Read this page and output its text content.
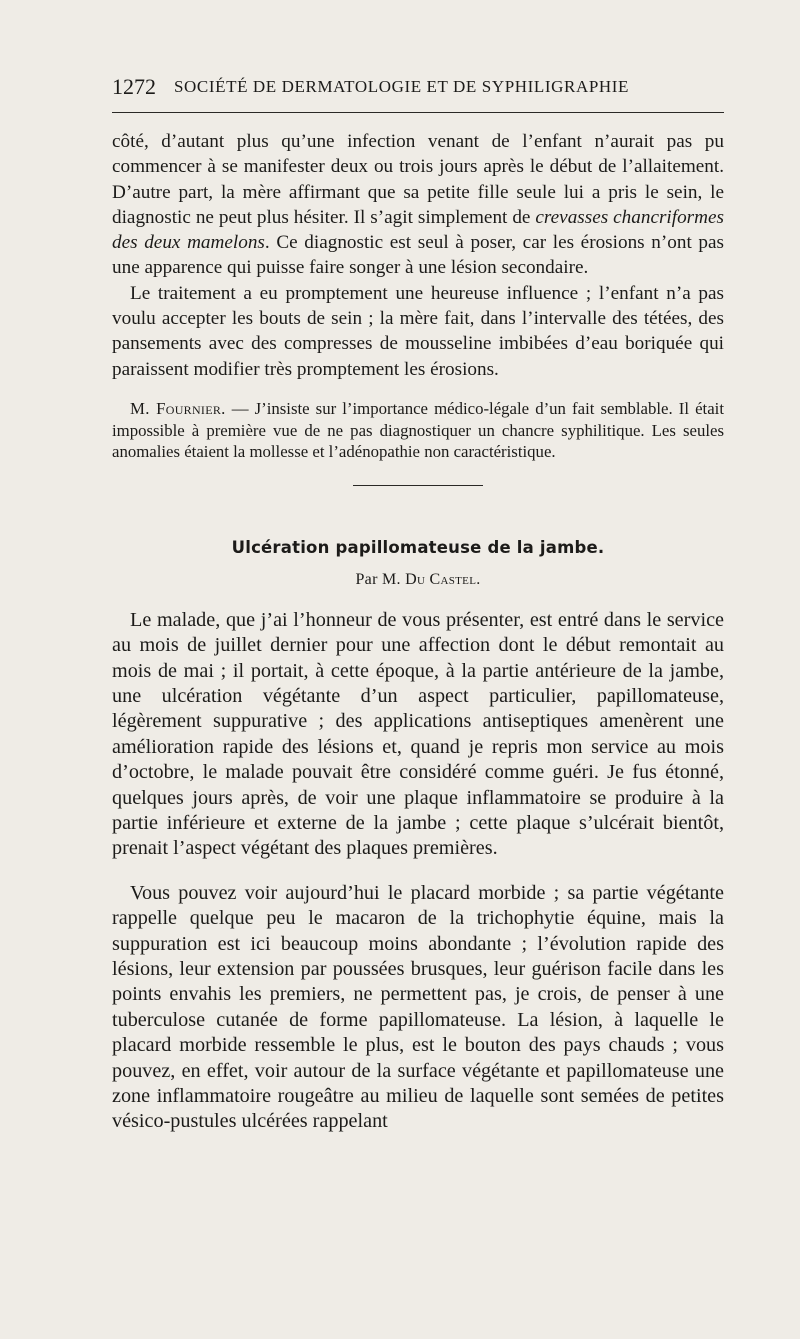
1272 SOCIÉTÉ DE DERMATOLOGIE ET DE SYPHILIGRAPHIE

côté, d’autant plus qu’une infection venant de l’enfant n’aurait pas pu commencer à se manifester deux ou trois jours après le début de l’allaitement. D’autre part, la mère affirmant que sa petite fille seule lui a pris le sein, le diagnostic ne peut plus hésiter. Il s’agit simplement de crevasses chancriformes des deux mamelons. Ce diagnostic est seul à poser, car les érosions n’ont pas une apparence qui puisse faire songer à une lésion secondaire.

Le traitement a eu promptement une heureuse influence ; l’enfant n’a pas voulu accepter les bouts de sein ; la mère fait, dans l’intervalle des tétées, des pansements avec des compresses de mousseline imbibées d’eau boriquée qui paraissent modifier très promptement les érosions.

M. Fournier. — J’insiste sur l’importance médico-légale d’un fait semblable. Il était impossible à première vue de ne pas diagnostiquer un chancre syphilitique. Les seules anomalies étaient la mollesse et l’adénopathie non caractéristique.

Ulcération papillomateuse de la jambe.
Par M. Du Castel.

Le malade, que j’ai l’honneur de vous présenter, est entré dans le service au mois de juillet dernier pour une affection dont le début remontait au mois de mai ; il portait, à cette époque, à la partie antérieure de la jambe, une ulcération végétante d’un aspect particulier, papillomateuse, légèrement suppurative ; des applications antiseptiques amenèrent une amélioration rapide des lésions et, quand je repris mon service au mois d’octobre, le malade pouvait être considéré comme guéri. Je fus étonné, quelques jours après, de voir une plaque inflammatoire se produire à la partie inférieure et externe de la jambe ; cette plaque s’ulcérait bientôt, prenait l’aspect végétant des plaques premières.

Vous pouvez voir aujourd’hui le placard morbide ; sa partie végétante rappelle quelque peu le macaron de la trichophytie équine, mais la suppuration est ici beaucoup moins abondante ; l’évolution rapide des lésions, leur extension par poussées brusques, leur guérison facile dans les points envahis les premiers, ne permettent pas, je crois, de penser à une tuberculose cutanée de forme papillomateuse. La lésion, à laquelle le placard morbide ressemble le plus, est le bouton des pays chauds ; vous pouvez, en effet, voir autour de la surface végétante et papillomateuse une zone inflammatoire rougeâtre au milieu de laquelle sont semées de petites vésico-pustules ulcérées rappelant
